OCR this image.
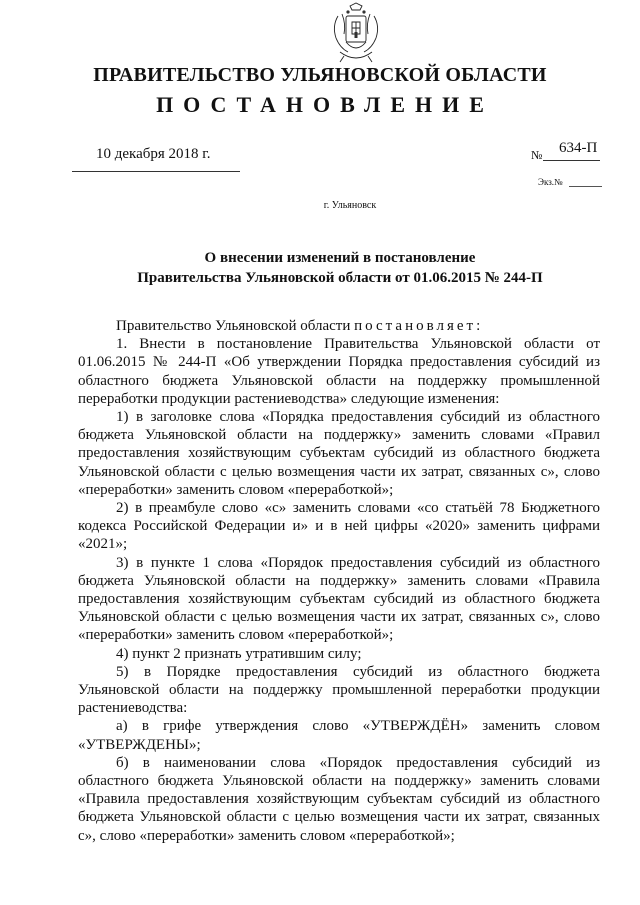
ПРАВИТЕЛЬСТВО УЛЬЯНОВСКОЙ ОБЛАСТИ
ПОСТАНОВЛЕНИЕ
10 декабря 2018 г.	№ 634-П
Экз.№
г. Ульяновск
О внесении изменений в постановление
Правительства Ульяновской области от 01.06.2015 № 244-П

Правительство Ульяновской области постановляет:

1. Внести в постановление Правительства Ульяновской области от 01.06.2015 № 244-П «Об утверждении Порядка предоставления субсидий из областного бюджета Ульяновской области на поддержку промышленной переработки продукции растениеводства» следующие изменения:

1) в заголовке слова «Порядка предоставления субсидий из областного бюджета Ульяновской области на поддержку» заменить словами «Правил предоставления хозяйствующим субъектам субсидий из областного бюджета Ульяновской области с целью возмещения части их затрат, связанных с», слово «переработки» заменить словом «переработкой»;

2) в преамбуле слово «с» заменить словами «со статьёй 78 Бюджетного кодекса Российской Федерации и» и в ней цифры «2020» заменить цифрами «2021»;

3) в пункте 1 слова «Порядок предоставления субсидий из областного бюджета Ульяновской области на поддержку» заменить словами «Правила предоставления хозяйствующим субъектам субсидий из областного бюджета Ульяновской области с целью возмещения части их затрат, связанных с», слово «переработки» заменить словом «переработкой»;

4) пункт 2 признать утратившим силу;

5) в Порядке предоставления субсидий из областного бюджета Ульяновской области на поддержку промышленной переработки продукции растениеводства:

а) в грифе утверждения слово «УТВЕРЖДЁН» заменить словом «УТВЕРЖДЕНЫ»;

б) в наименовании слова «Порядок предоставления субсидий из областного бюджета Ульяновской области на поддержку» заменить словами «Правила предоставления хозяйствующим субъектам субсидий из областного бюджета Ульяновской области с целью возмещения части их затрат, связанных с», слово «переработки» заменить словом «переработкой»;
